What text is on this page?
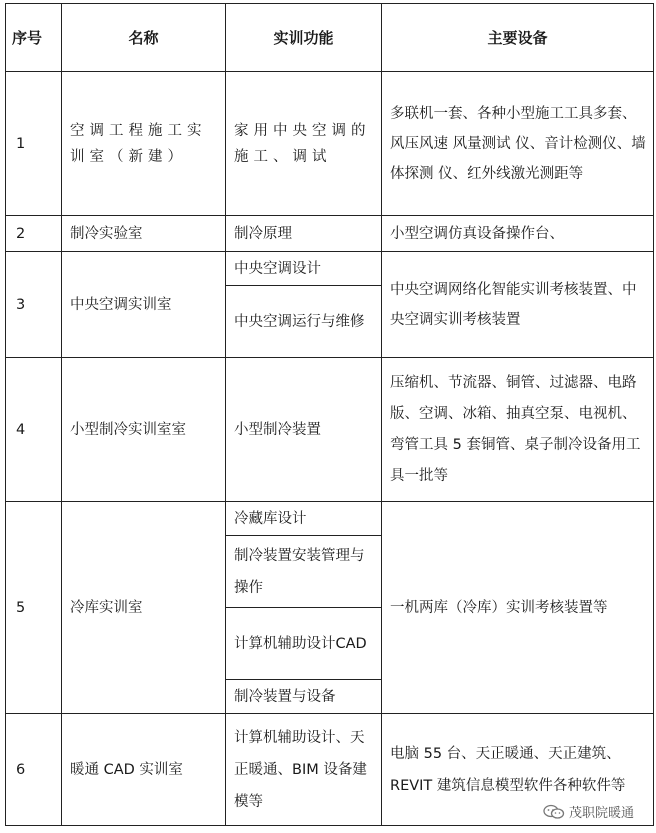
序号	名称	实训功能	主要设备
1	空调工程施工实训室（新建）	家用中央空调的施工、调试	多联机一套、各种小型施工工具多套、风压风速 风量测试 仪、音计检测仪、墙体探测 仪、红外线激光测距等
2	制冷实验室	制冷原理	小型空调仿真设备操作台、
3	中央空调实训室	中央空调设计	中央空调网络化智能实训考核装置、中央空调实训考核装置
		中央空调运行与维修	
4	小型制冷实训室室	小型制冷装置	压缩机、节流器、铜管、过滤器、电路版、空调、冰箱、抽真空泵、电视机、弯管工具 5 套铜管、桌子制冷设备用工具一批等
5	冷库实训室	冷藏库设计	一机两库（冷库）实训考核装置等
		制冷装置安装管理与操作	
		计算机辅助设计CAD	
		制冷装置与设备	
6	暖通 CAD 实训室	计算机辅助设计、天正暖通、BIM 设备建模等	电脑 55 台、天正暖通、天正建筑、REVIT 建筑信息模型软件各种软件等
茂职院暖通
